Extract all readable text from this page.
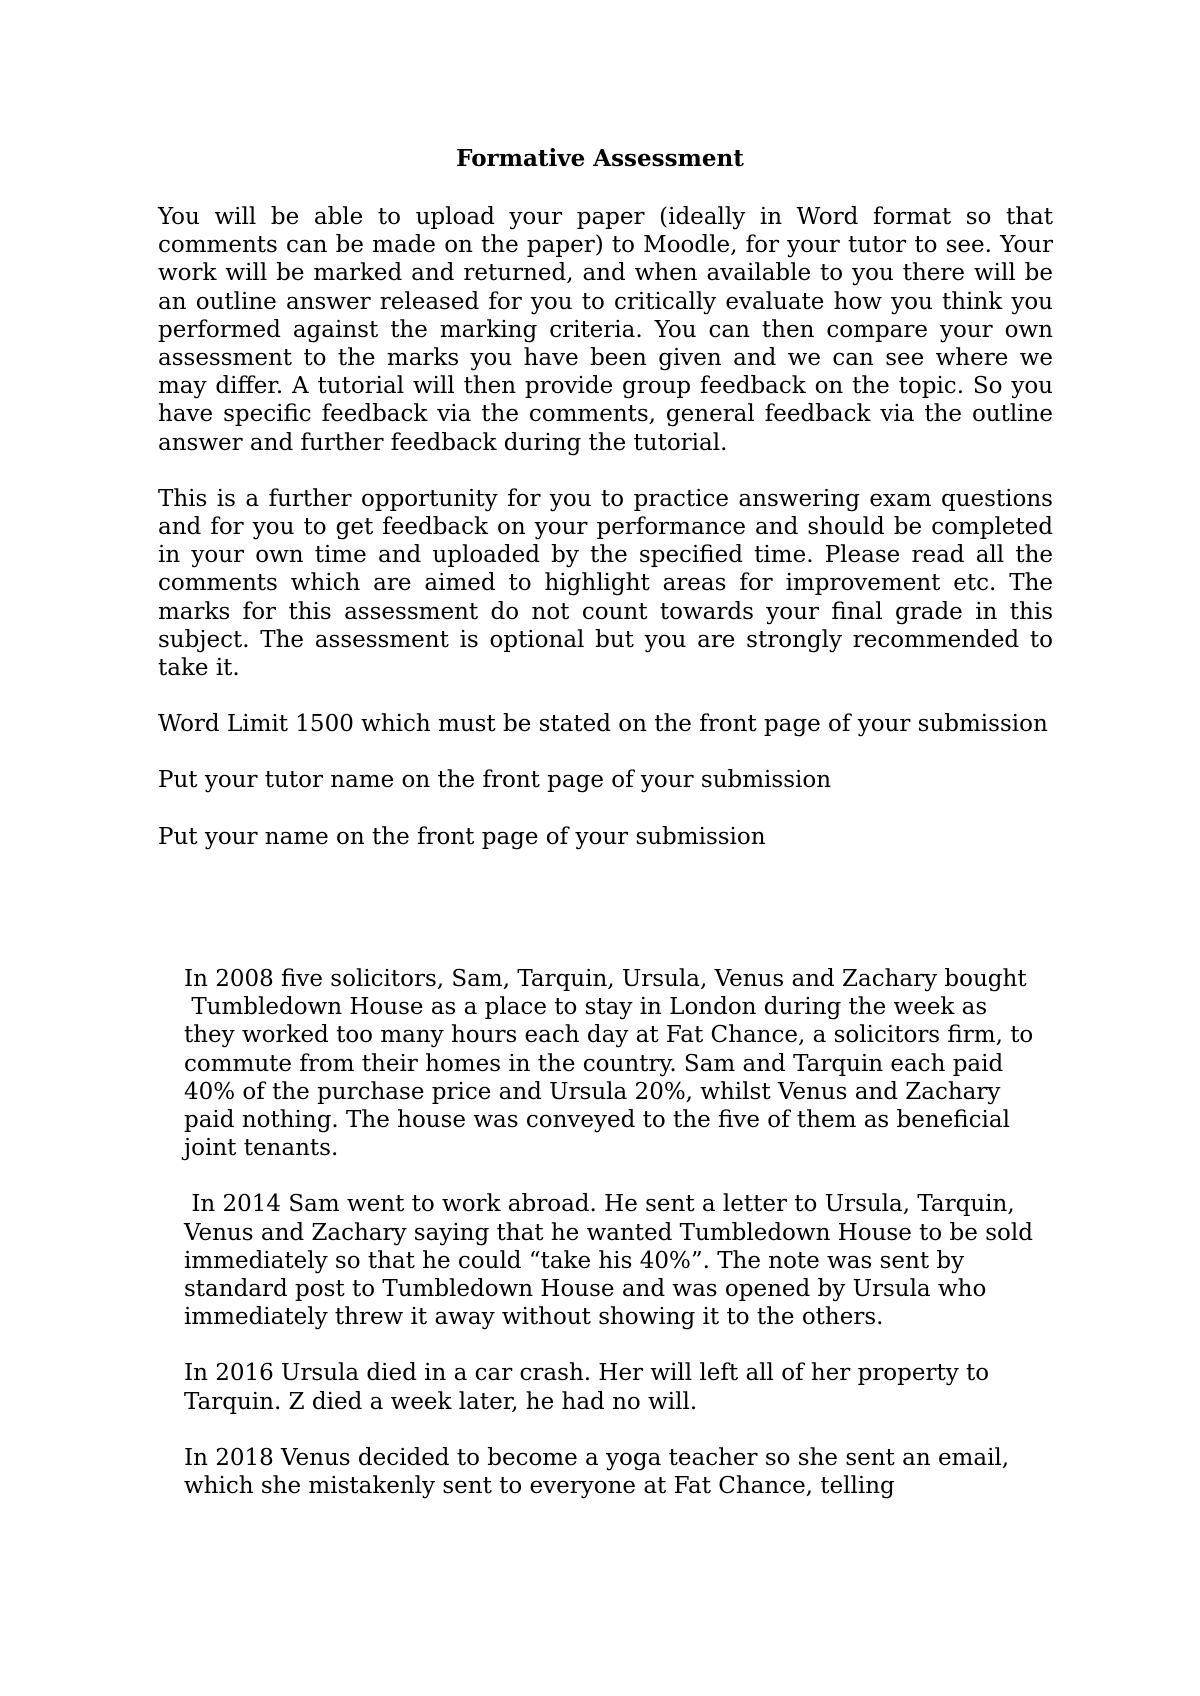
Formative Assessment

You will be able to upload your paper (ideally in Word format so that comments can be made on the paper) to Moodle, for your tutor to see. Your work will be marked and returned, and when available to you there will be an outline answer released for you to critically evaluate how you think you performed against the marking criteria. You can then compare your own assessment to the marks you have been given and we can see where we may differ. A tutorial will then provide group feedback on the topic. So you have specific feedback via the comments, general feedback via the outline answer and further feedback during the tutorial.

This is a further opportunity for you to practice answering exam questions and for you to get feedback on your performance and should be completed in your own time and uploaded by the specified time. Please read all the comments which are aimed to highlight areas for improvement etc. The marks for this assessment do not count towards your final grade in this subject. The assessment is optional but you are strongly recommended to take it.

Word Limit 1500 which must be stated on the front page of your submission

Put your tutor name on the front page of your submission

Put your name on the front page of your submission

In 2008 five solicitors, Sam, Tarquin, Ursula, Venus and Zachary bought
Tumbledown House as a place to stay in London during the week as they worked too many hours each day at Fat Chance, a solicitors firm, to commute from their homes in the country. Sam and Tarquin each paid 40% of the purchase price and Ursula 20%, whilst Venus and Zachary paid nothing. The house was conveyed to the five of them as beneficial joint tenants.

In 2014 Sam went to work abroad. He sent a letter to Ursula, Tarquin, Venus and Zachary saying that he wanted Tumbledown House to be sold immediately so that he could “take his 40%”. The note was sent by standard post to Tumbledown House and was opened by Ursula who immediately threw it away without showing it to the others.

In 2016 Ursula died in a car crash. Her will left all of her property to Tarquin. Z died a week later, he had no will.

In 2018 Venus decided to become a yoga teacher so she sent an email, which she mistakenly sent to everyone at Fat Chance, telling
